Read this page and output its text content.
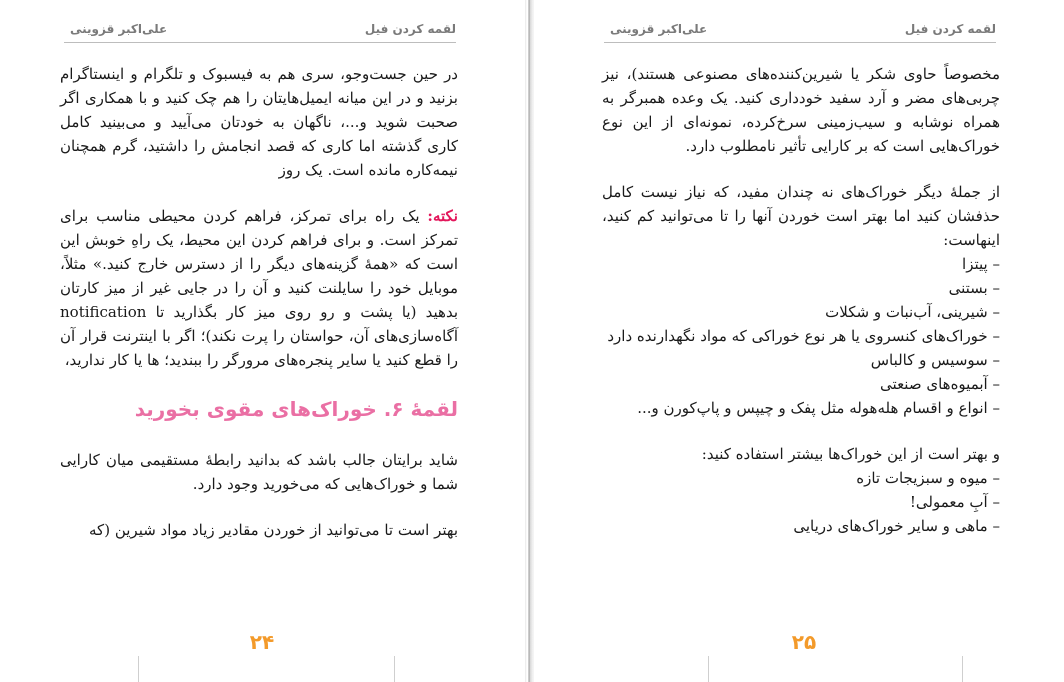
لقمه کردن فیل
علی‌اکبر قزوینی

در حین جست‌وجو، سری هم به فیسبوک و تلگرام و اینستاگرام بزنید و در این میانه ایمیل‌هایتان را هم چک کنید و با همکاری اگر صحبت شوید و...، ناگهان به خودتان می‌آیید و می‌بینید کامل کاری گذشته اما کاری که قصد انجامش را داشتید، گرم همچنان نیمه‌کاره مانده است. یک روز

نکته: یک راه برای تمرکز، فراهم کردن محیطی مناسب برای تمرکز است. و برای فراهم کردن این محیط، یک راهِ خوبش این است که «همهٔ گزینه‌های دیگر را از دسترس خارج کنید.» مثلاً، موبایل خود را سایلنت کنید و آن را در جایی غیر از میز کارتان بدهید (یا پشت و رو روی میز کار بگذارید تا notification آگاه‌سازی‌های آن، حواستان را پرت نکند)؛ اگر با اینترنت قرار آن را قطع کنید یا سایر پنجره‌های مرورگر را ببندید؛ ها یا کار ندارید،

لقمهٔ ۶. خوراک‌های مقوی بخورید

شاید برایتان جالب باشد که بدانید رابطهٔ مستقیمی میان کارایی شما و خوراک‌هایی که می‌خورید وجود دارد.

بهتر است تا می‌توانید از خوردن مقادیر زیاد مواد شیرین (که

۲۴
لقمه کردن فیل
علی‌اکبر قزوینی

مخصوصاً حاوی شکر یا شیرین‌کننده‌های مصنوعی هستند)، نیز چربی‌های مضر و آرد سفید خودداری کنید. یک وعده همبرگر به همراه نوشابه و سیب‌زمینی سرخ‌کرده، نمونه‌ای از این نوع خوراک‌هایی است که بر کارایی تأثیر نامطلوب دارد.

از جملهٔ دیگر خوراک‌های نه چندان مفید، که نیاز نیست کامل حذفشان کنید اما بهتر است خوردن آنها را تا می‌توانید کم کنید، اینهاست:

– پیتزا
– بستنی
– شیرینی، آب‌نبات و شکلات
– خوراک‌های کنسروی یا هر نوع خوراکی که مواد نگهدارنده دارد
– سوسیس و کالباس
– آبمیوه‌های صنعتی
– انواع و اقسام هله‌هوله مثل پفک و چیپس و پاپ‌کورن و...

و بهتر است از این خوراک‌ها بیشتر استفاده کنید:

– میوه و سبزیجات تازه
– آبِ معمولی!
– ماهی و سایر خوراک‌های دریایی
۲۵
